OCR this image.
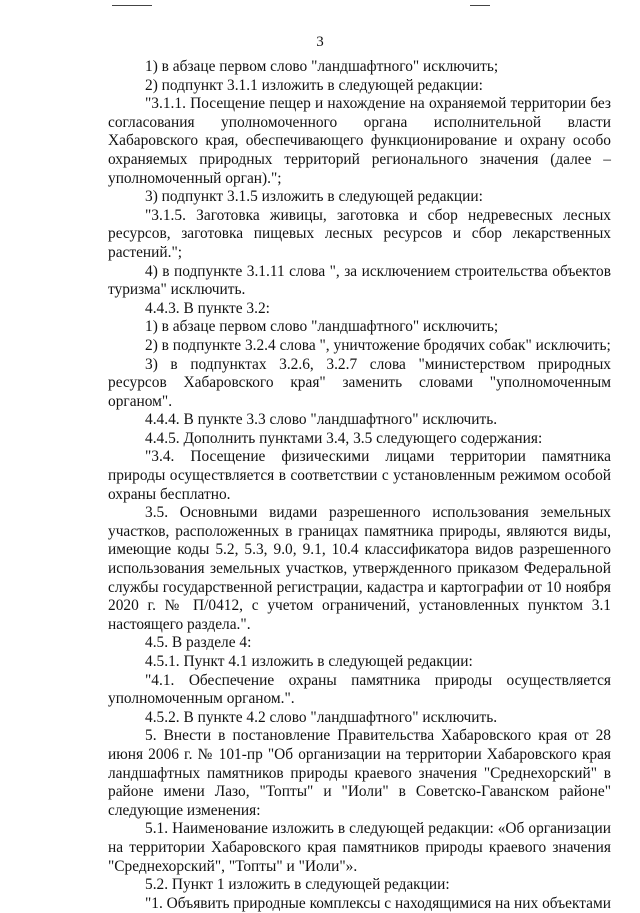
3

1) в абзаце первом слово "ландшафтного" исключить;

2) подпункт 3.1.1 изложить в следующей редакции:

"3.1.1. Посещение пещер и нахождение на охраняемой территории без согласования уполномоченного органа исполнительной власти Хабаровского края, обеспечивающего функционирование и охрану особо охраняемых природных территорий регионального значения (далее – уполномоченный орган).";

3) подпункт 3.1.5 изложить в следующей редакции:

"3.1.5. Заготовка живицы, заготовка и сбор недревесных лесных ресурсов, заготовка пищевых лесных ресурсов и сбор лекарственных растений.";

4) в подпункте 3.1.11 слова ", за исключением строительства объектов туризма" исключить.

4.4.3. В пункте 3.2:

1) в абзаце первом слово "ландшафтного" исключить;

2) в подпункте 3.2.4 слова ", уничтожение бродячих собак" исключить;

3) в подпунктах 3.2.6, 3.2.7 слова "министерством природных ресурсов Хабаровского края" заменить словами "уполномоченным органом".

4.4.4. В пункте 3.3 слово "ландшафтного" исключить.

4.4.5. Дополнить пунктами 3.4, 3.5 следующего содержания:

"3.4. Посещение физическими лицами территории памятника природы осуществляется в соответствии с установленным режимом особой охраны бесплатно.

3.5. Основными видами разрешенного использования земельных участков, расположенных в границах памятника природы, являются виды, имеющие коды 5.2, 5.3, 9.0, 9.1, 10.4 классификатора видов разрешенного использования земельных участков, утвержденного приказом Федеральной службы государственной регистрации, кадастра и картографии от 10 ноября 2020 г. № П/0412, с учетом ограничений, установленных пунктом 3.1 настоящего раздела.".

4.5. В разделе 4:

4.5.1. Пункт 4.1 изложить в следующей редакции:

"4.1. Обеспечение охраны памятника природы осуществляется уполномоченным органом.".

4.5.2. В пункте 4.2 слово "ландшафтного" исключить.

5. Внести в постановление Правительства Хабаровского края от 28 июня 2006 г. № 101-пр "Об организации на территории Хабаровского края ландшафтных памятников природы краевого значения "Среднехорский" в районе имени Лазо, "Топты" и "Иоли" в Советско-Гаванском районе" следующие изменения:

5.1. Наименование изложить в следующей редакции: «Об организации на территории Хабаровского края памятников природы краевого значения "Среднехорский", "Топты" и "Иоли"».

5.2. Пункт 1 изложить в следующей редакции:

"1. Объявить природные комплексы с находящимися на них объектами
